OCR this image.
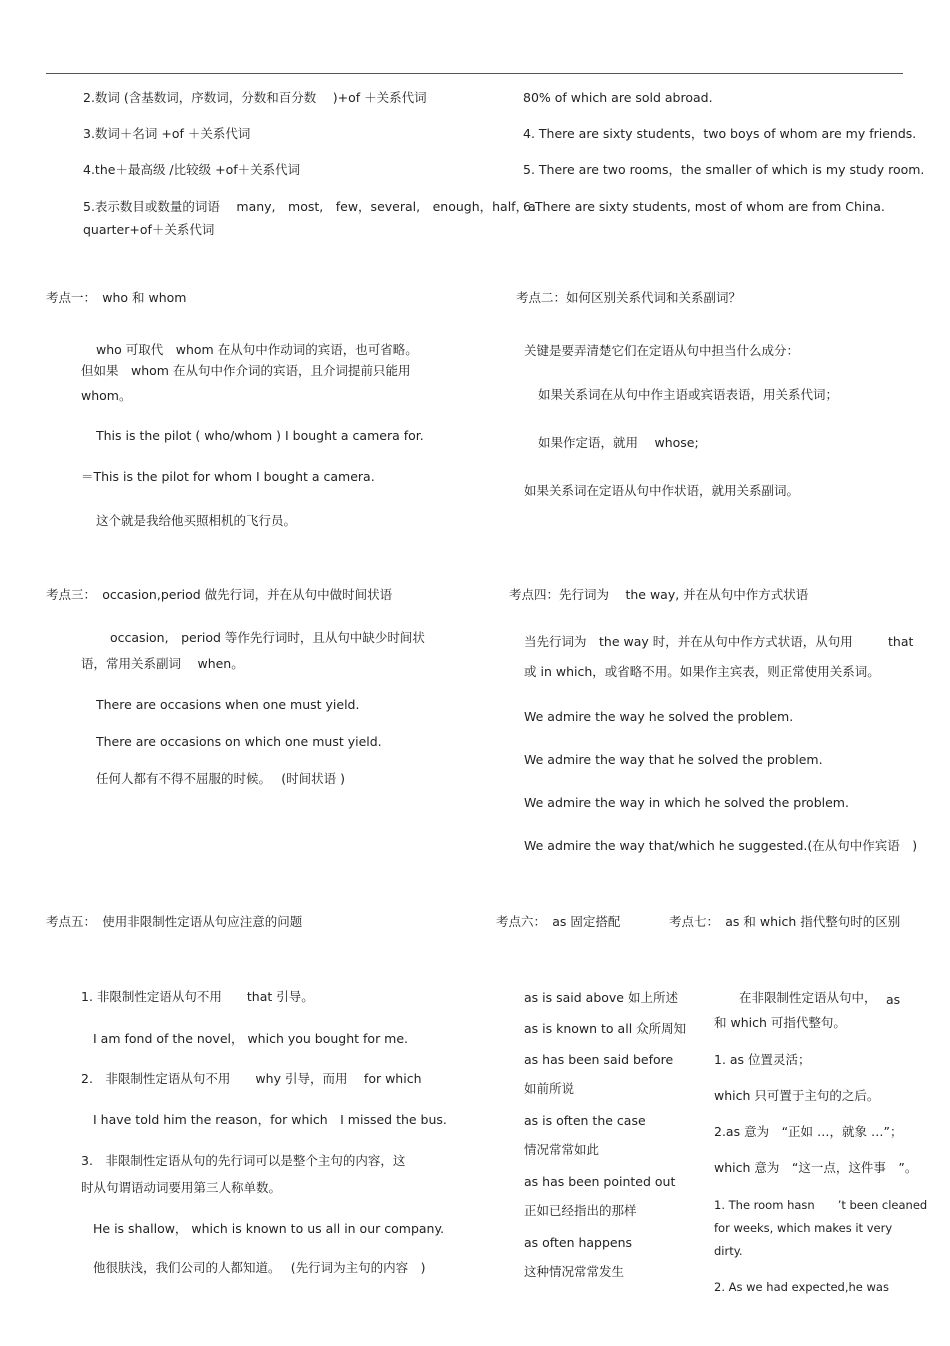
2.数词 (含基数词，序数词，分数和百分数　 )+of ＋关系代词
3.数词＋名词 +of ＋关系代词
4.the＋最高级 /比较级 +of＋关系代词
5.表示数目或数量的词语　 many,　most,　few，several,　enough，half，a
quarter+of＋关系代词
80% of which are sold abroad.
4. There are sixty students，two boys of whom are my friends.
5. There are two rooms，the smaller of which is my study room.
6.There are sixty students, most of whom are from China.
考点一：　who 和 whom
who 可取代　whom 在从句中作动词的宾语，也可省略。
但如果　whom 在从句中作介词的宾语，且介词提前只能用
whom。
This is the pilot ( who/whom ) I bought a camera for.
＝This is the pilot for whom I bought a camera.
这个就是我给他买照相机的飞行员。
考点二：如何区别关系代词和关系副词？
关键是要弄清楚它们在定语从句中担当什么成分：
如果关系词在从句中作主语或宾语表语，用关系代词；
如果作定语，就用　 whose;
如果关系词在定语从句中作状语，就用关系副词。
考点三：　occasion,period 做先行词，并在从句中做时间状语
occasion,　period 等作先行词时，且从句中缺少时间状
语，常用关系副词　 when。
There are occasions when one must yield.
There are occasions on which one must yield.
任何人都有不得不屈服的时候。　 (时间状语 )
考点四：先行词为　 the way, 并在从句中作方式状语
当先行词为　the way 时，并在从句中作方式状语，从句用	that
或 in which，或省略不用。如果作主宾表，则正常使用关系词。
We admire the way he solved the problem.
We admire the way that he solved the problem.
We admire the way in which he solved the problem.
We admire the way that/which he suggested.(在从句中作宾语　)
考点五：　使用非限制性定语从句应注意的问题
1. 非限制性定语从句不用　　that 引导。
I am fond of the novel， which you bought for me.
2.　非限制性定语从句不用　　why 引导，而用　 for which
I have told him the reason，for which　I missed the bus.
3.　非限制性定语从句的先行词可以是整个主句的内容，这
时从句谓语动词要用第三人称单数。
He is shallow， which is known to us all in our company.
他很肤浅，我们公司的人都知道。　 (先行词为主句的内容　)
考点六：　as 固定搭配
as is said above 如上所述
as is known to all 众所周知
as has been said before
如前所说
as is often the case
情况常常如此
as has been pointed out
正如已经指出的那样
as often happens
这种情况常常发生
考点七：　as 和 which 指代整句时的区别
在非限制性定语从句中， as
和 which 可指代整句。
1. as 位置灵活；
which 只可置于主句的之后。
2.as 意为　“正如 …，就象 …”；
which 意为　“这一点，这件事　”。
1. The room hasn　　’t been cleaned
for weeks, which makes it very
dirty.
2. As we had expected,he was
